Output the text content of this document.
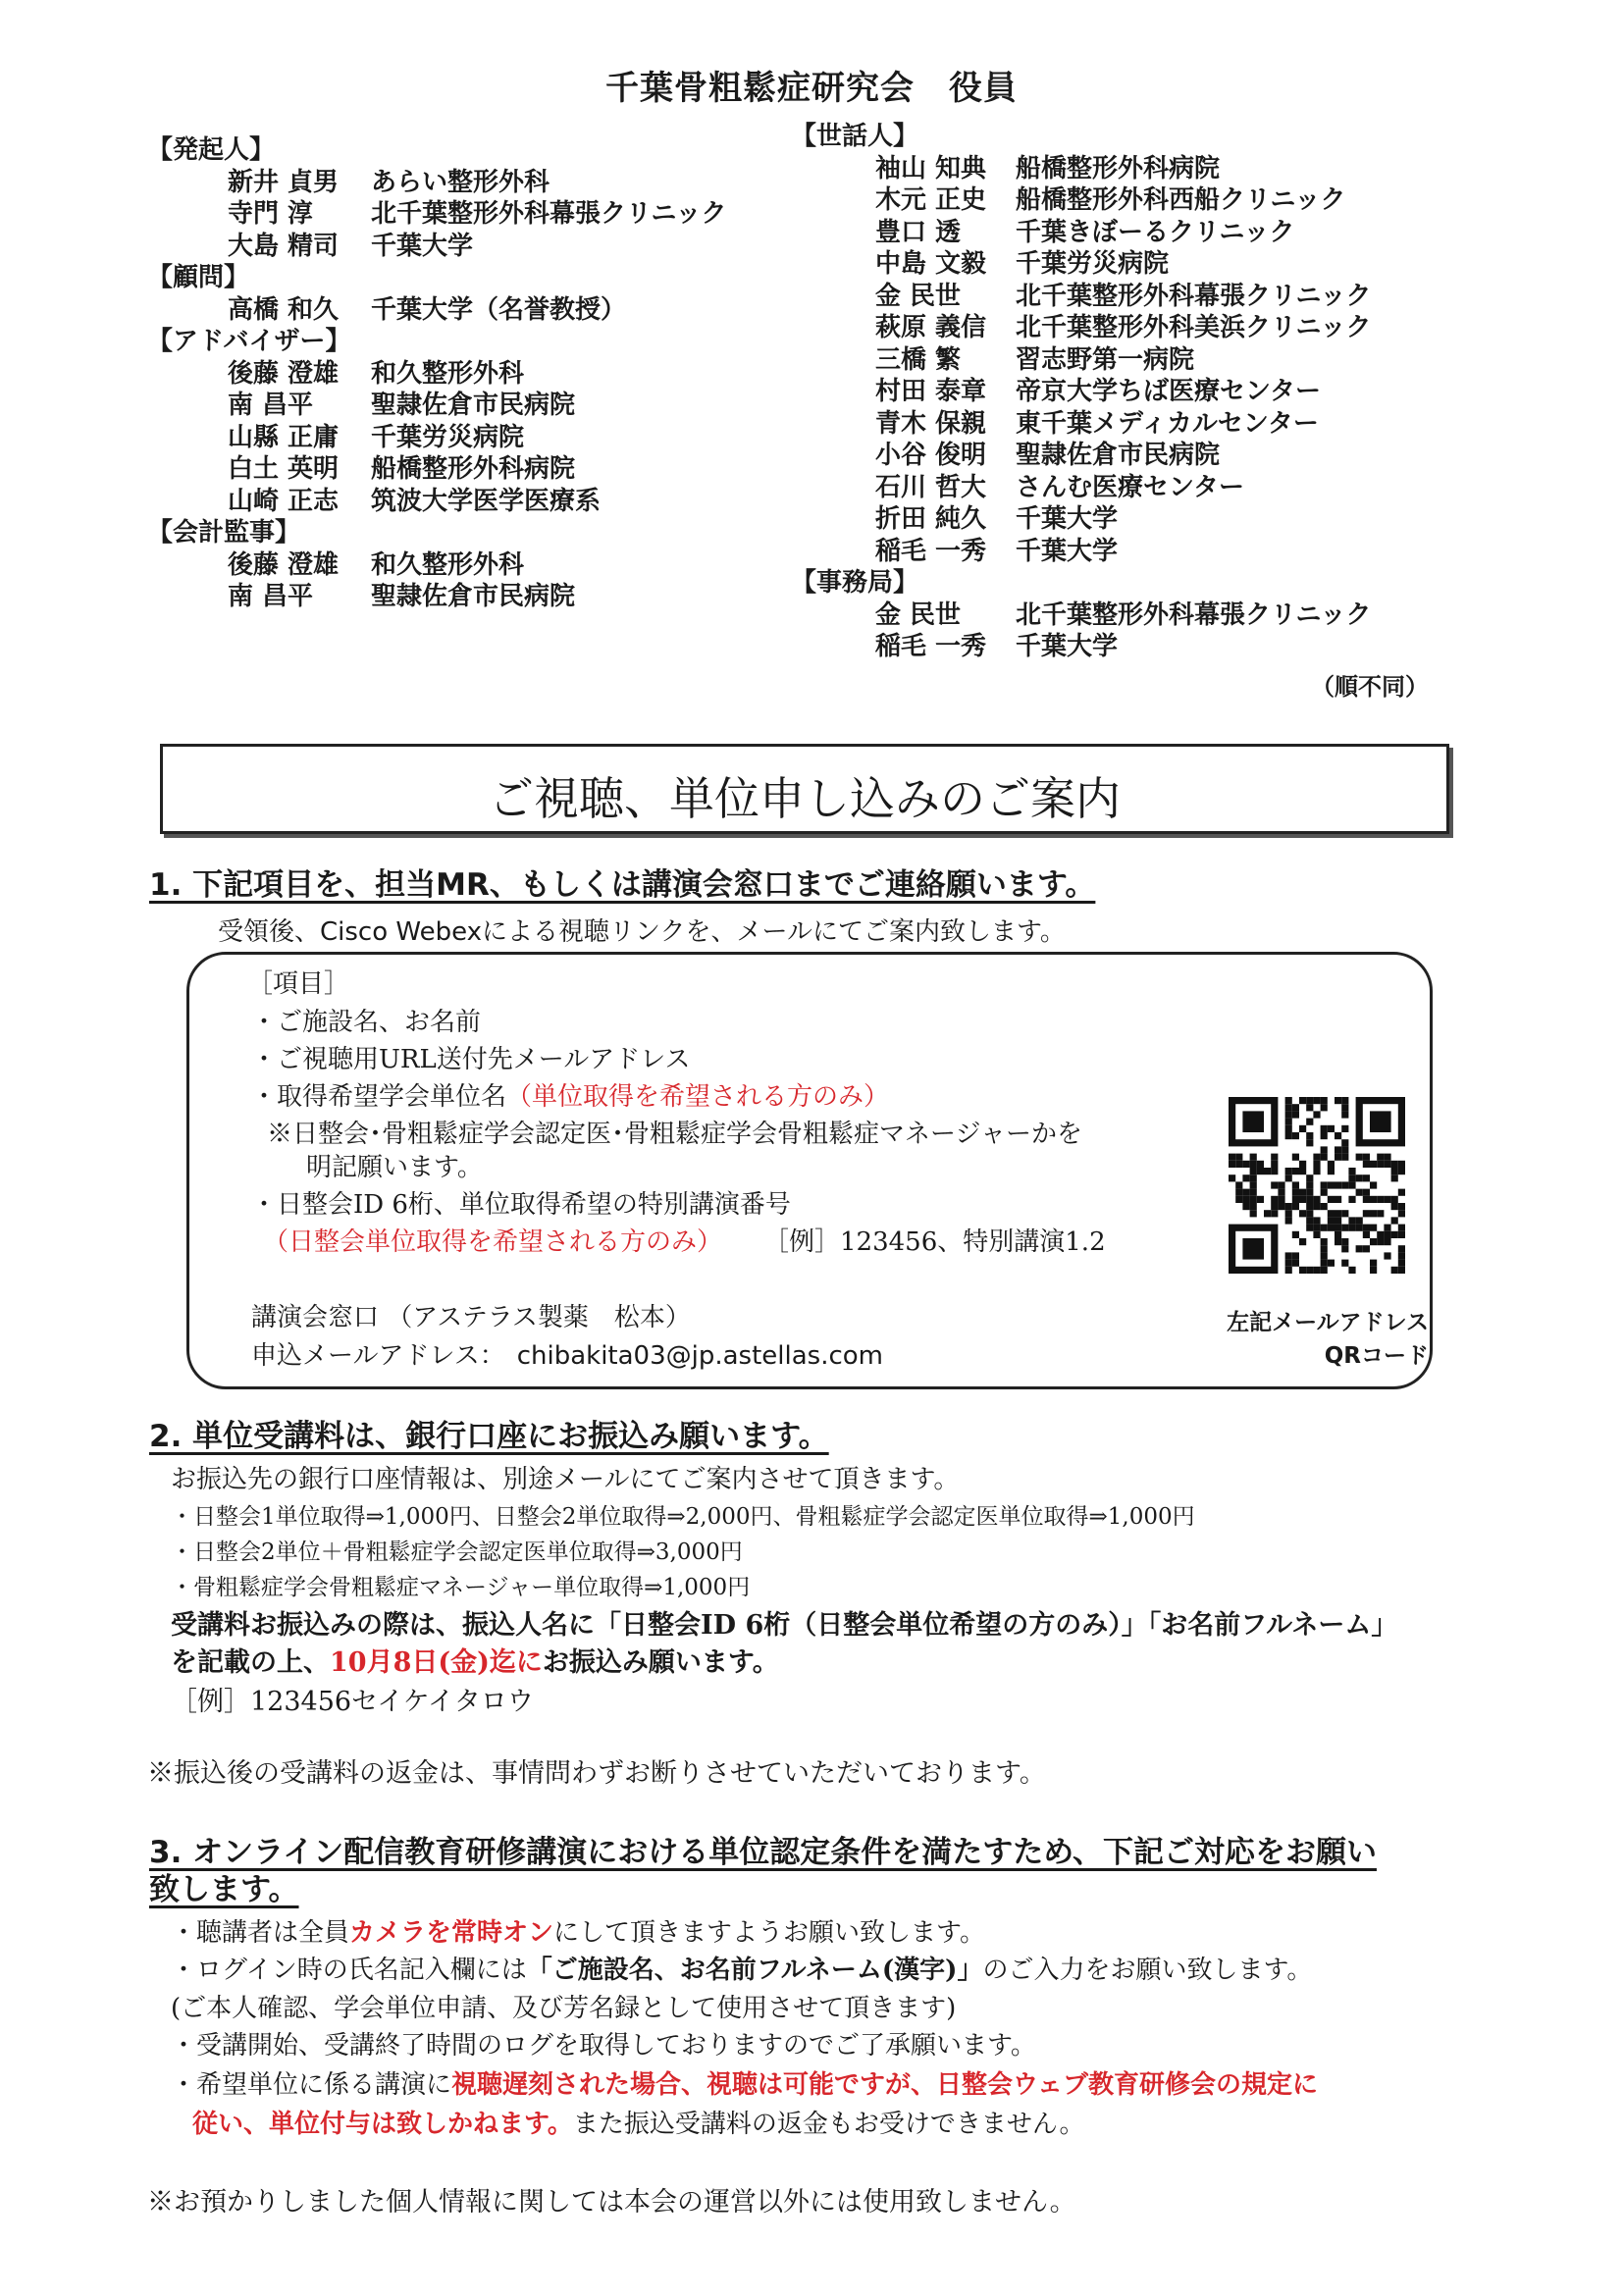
千葉骨粗鬆症研究会　役員
【発起人】
新井 貞男 あらい整形外科
寺門 淳 北千葉整形外科幕張クリニック
大島 精司 千葉大学
【顧問】
高橋 和久 千葉大学（名誉教授）
【アドバイザー】
後藤 澄雄 和久整形外科
南 昌平 聖隷佐倉市民病院
山縣 正庸 千葉労災病院
白土 英明 船橋整形外科病院
山崎 正志 筑波大学医学医療系
【会計監事】
後藤 澄雄 和久整形外科
南 昌平 聖隷佐倉市民病院
【世話人】
袖山 知典 船橋整形外科病院
木元 正史 船橋整形外科西船クリニック
豊口 透 千葉きぼーるクリニック
中島 文毅 千葉労災病院
金 民世 北千葉整形外科幕張クリニック
萩原 義信 北千葉整形外科美浜クリニック
三橋 繁 習志野第一病院
村田 泰章 帝京大学ちば医療センター
青木 保親 東千葉メディカルセンター
小谷 俊明 聖隷佐倉市民病院
石川 哲大 さんむ医療センター
折田 純久 千葉大学
稲毛 一秀 千葉大学
【事務局】
金 民世 北千葉整形外科幕張クリニック
稲毛 一秀 千葉大学
（順不同）
ご視聴、単位申し込みのご案内
1. 下記項目を、担当MR、もしくは講演会窓口までご連絡願います。
受領後、Cisco Webexによる視聴リンクを、メールにてご案内致します。
［項目］
・ご施設名、お名前
・ご視聴用URL送付先メールアドレス
・取得希望学会単位名（単位取得を希望される方のみ）
※日整会･骨粗鬆症学会認定医･骨粗鬆症学会骨粗鬆症マネージャーかを
明記願います。
・日整会ID 6桁、単位取得希望の特別講演番号
（日整会単位取得を希望される方のみ） ［例］123456、特別講演1.2
講演会窓口 （アステラス製薬　松本）
申込メールアドレス： chibakita03@jp.astellas.com
左記メールアドレス
QRコード
2. 単位受講料は、銀行口座にお振込み願います。
お振込先の銀行口座情報は、別途メールにてご案内させて頂きます。
・日整会1単位取得⇒1,000円、日整会2単位取得⇒2,000円、骨粗鬆症学会認定医単位取得⇒1,000円
・日整会2単位＋骨粗鬆症学会認定医単位取得⇒3,000円
・骨粗鬆症学会骨粗鬆症マネージャー単位取得⇒1,000円
受講料お振込みの際は、振込人名に「日整会ID 6桁（日整会単位希望の方のみ）」「お名前フルネーム」
を記載の上、10月8日(金)迄にお振込み願います。
［例］123456セイケイタロウ
※振込後の受講料の返金は、事情問わずお断りさせていただいております。
3. オンライン配信教育研修講演における単位認定条件を満たすため、下記ご対応をお願い
致します。
・聴講者は全員カメラを常時オンにして頂きますようお願い致します。
・ログイン時の氏名記入欄には「ご施設名、お名前フルネーム(漢字)」のご入力をお願い致します。
(ご本人確認、学会単位申請、及び芳名録として使用させて頂きます)
・受講開始、受講終了時間のログを取得しておりますのでご了承願います。
・希望単位に係る講演に視聴遅刻された場合、視聴は可能ですが、日整会ウェブ教育研修会の規定に
従い、単位付与は致しかねます。また振込受講料の返金もお受けできません。
※お預かりしました個人情報に関しては本会の運営以外には使用致しません。
